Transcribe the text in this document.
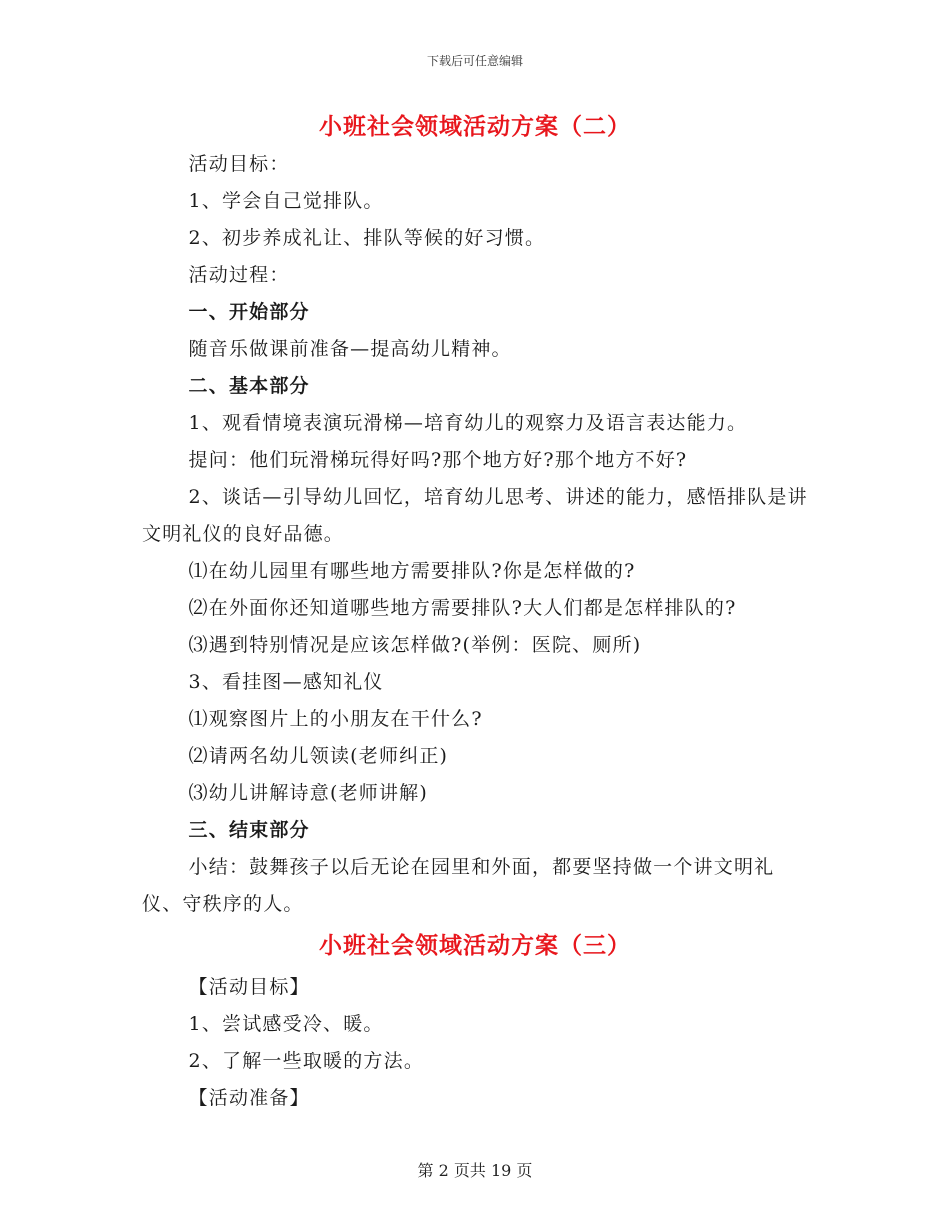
下载后可任意编辑
小班社会领域活动方案（二）

活动目标：

1、学会自己觉排队。

2、初步养成礼让、排队等候的好习惯。

活动过程：

一、开始部分

随音乐做课前准备—提高幼儿精神。

二、基本部分

1、观看情境表演玩滑梯—培育幼儿的观察力及语言表达能力。

提问：他们玩滑梯玩得好吗?那个地方好?那个地方不好?

2、谈话—引导幼儿回忆，培育幼儿思考、讲述的能力，感悟排队是讲文明礼仪的良好品德。

⑴在幼儿园里有哪些地方需要排队?你是怎样做的?

⑵在外面你还知道哪些地方需要排队?大人们都是怎样排队的?

⑶遇到特别情况是应该怎样做?(举例：医院、厕所)

3、看挂图—感知礼仪

⑴观察图片上的小朋友在干什么?

⑵请两名幼儿领读(老师纠正)

⑶幼儿讲解诗意(老师讲解)

三、结束部分

小结：鼓舞孩子以后无论在园里和外面，都要坚持做一个讲文明礼仪、守秩序的人。

小班社会领域活动方案（三）

【活动目标】

1、尝试感受冷、暖。

2、了解一些取暖的方法。

【活动准备】

第 2 页共 19 页
